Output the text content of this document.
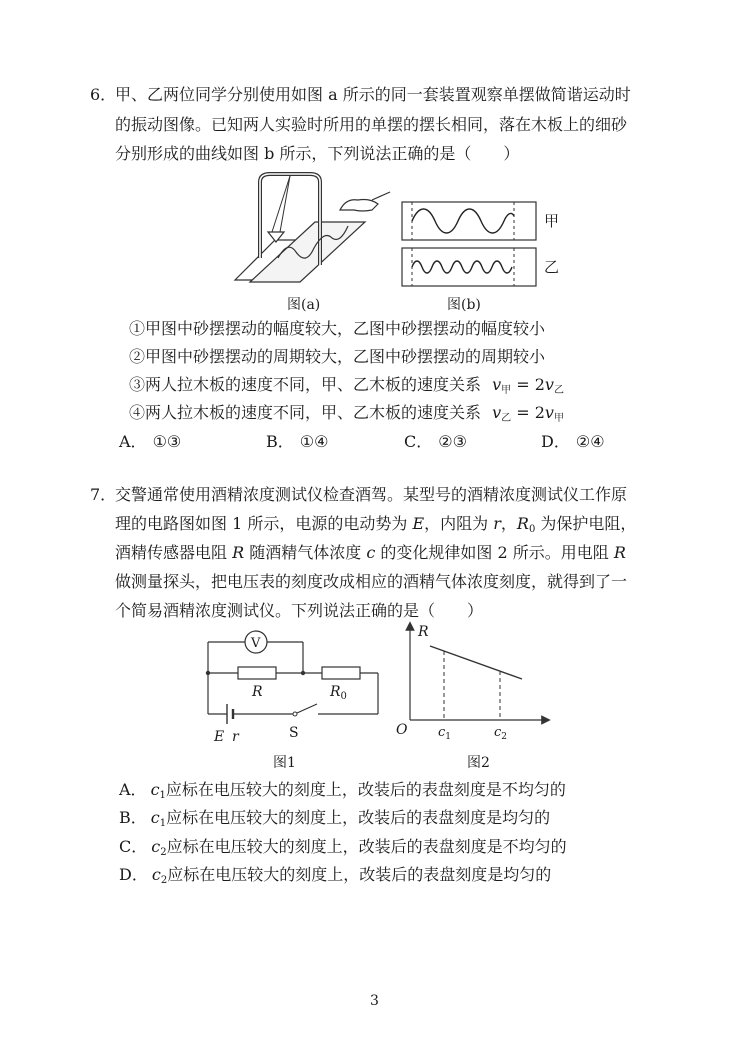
6．
甲、乙两位同学分别使用如图 a 所示的同一套装置观察单摆做简谐运动时
的振动图像。已知两人实验时所用的单摆的摆长相同，落在木板上的细砂
分别形成的曲线如图 b 所示，下列说法正确的是（　　）
图(a)
甲
乙
图(b)
①甲图中砂摆摆动的幅度较大，乙图中砂摆摆动的幅度较小
②甲图中砂摆摆动的周期较大，乙图中砂摆摆动的周期较小
③两人拉木板的速度不同，甲、乙木板的速度关系 $v_甲 = 2v_乙$
④两人拉木板的速度不同，甲、乙木板的速度关系 $v_乙 = 2v_甲$
A． ①③	B． ①④	C． ②③	D． ②④
7．
交警通常使用酒精浓度测试仪检查酒驾。某型号的酒精浓度测试仪工作原
理的电路图如图 1 所示，电源的电动势为 E，内阻为 r，$R_0$ 为保护电阻，
酒精传感器电阻 R 随酒精气体浓度 c 的变化规律如图 2 所示。用电阻 R
做测量探头，把电压表的刻度改成相应的酒精气体浓度刻度，就得到了一
个简易酒精浓度测试仪。下列说法正确的是（　　）
V
R	$R_0$
E r	S
图1
R
O $c_1$	$c_2$
图2
A． $c_1$应标在电压较大的刻度上，改装后的表盘刻度是不均匀的
B． $c_1$应标在电压较大的刻度上，改装后的表盘刻度是均匀的
C． $c_2$应标在电压较大的刻度上，改装后的表盘刻度是不均匀的
D． $c_2$应标在电压较大的刻度上，改装后的表盘刻度是均匀的
3
